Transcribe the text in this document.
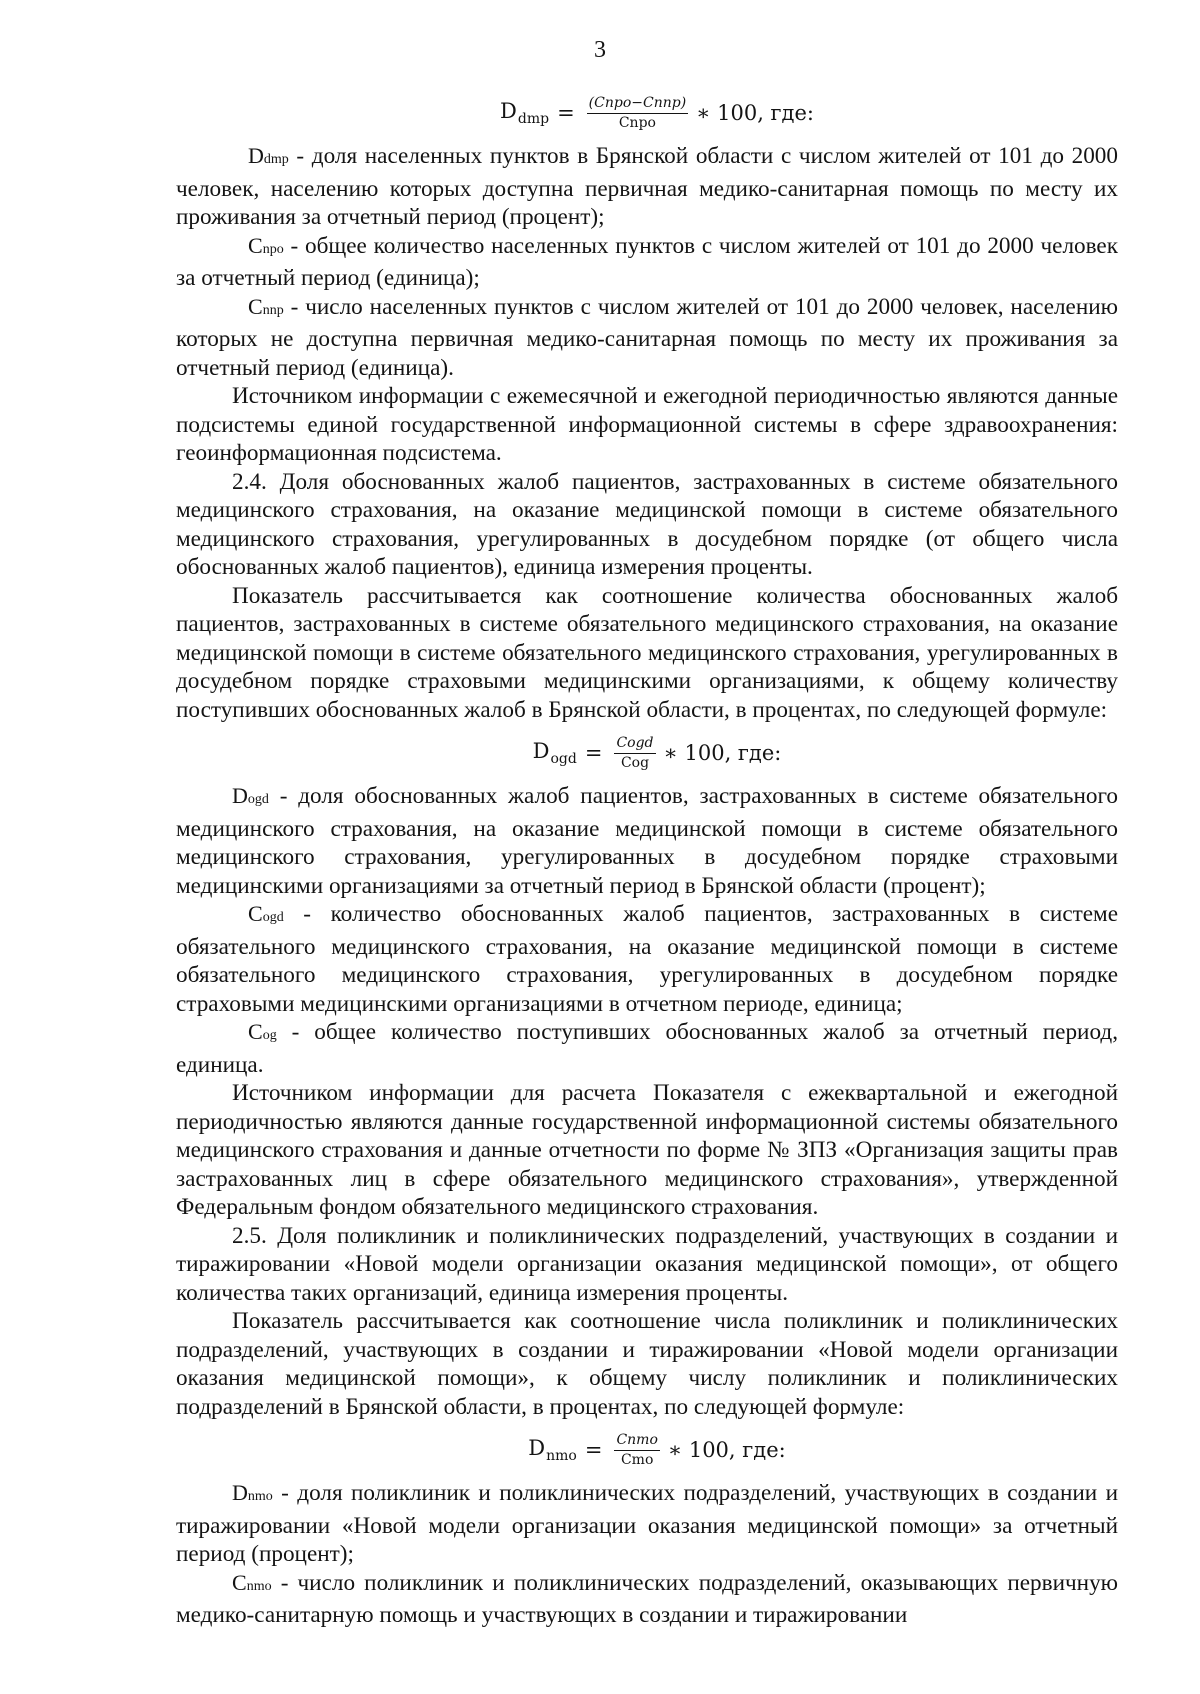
3
D dmp = $\frac{\text{(Cnpo−Cnnp)}}{\text{Cnpo}}$ ∗ 100, где:

Ddmp - доля населенных пунктов в Брянской области с числом жителей от 101 до 2000 человек, населению которых доступна первичная медико-санитарная помощь по месту их проживания за отчетный период (процент);

Cnpo - общее количество населенных пунктов с числом жителей от 101 до 2000 человек за отчетный период (единица);

Cnnp - число населенных пунктов с числом жителей от 101 до 2000 человек, населению которых не доступна первичная медико-санитарная помощь по месту их проживания за отчетный период (единица).

Источником информации с ежемесячной и ежегодной периодичностью являются данные подсистемы единой государственной информационной системы в сфере здравоохранения: геоинформационная подсистема.

2.4. Доля обоснованных жалоб пациентов, застрахованных в системе обязательного медицинского страхования, на оказание медицинской помощи в системе обязательного медицинского страхования, урегулированных в досудебном порядке (от общего числа обоснованных жалоб пациентов), единица измерения проценты.

Показатель рассчитывается как соотношение количества обоснованных жалоб пациентов, застрахованных в системе обязательного медицинского страхования, на оказание медицинской помощи в системе обязательного медицинского страхования, урегулированных в досудебном порядке страховыми медицинскими организациями, к общему количеству поступивших обоснованных жалоб в Брянской области, в процентах, по следующей формуле:

D ogd = $\frac{\text{Cogd}}{\text{Cog}}$ ∗ 100, где:

Dogd - доля обоснованных жалоб пациентов, застрахованных в системе обязательного медицинского страхования, на оказание медицинской помощи в системе обязательного медицинского страхования, урегулированных в досудебном порядке страховыми медицинскими организациями за отчетный период в Брянской области (процент);

Cogd - количество обоснованных жалоб пациентов, застрахованных в системе обязательного медицинского страхования, на оказание медицинской помощи в системе обязательного медицинского страхования, урегулированных в досудебном порядке страховыми медицинскими организациями в отчетном периоде, единица;

Cog - общее количество поступивших обоснованных жалоб за отчетный период, единица.

Источником информации для расчета Показателя с ежеквартальной и ежегодной периодичностью являются данные государственной информационной системы обязательного медицинского страхования и данные отчетности по форме № ЗПЗ «Организация защиты прав застрахованных лиц в сфере обязательного медицинского страхования», утвержденной Федеральным фондом обязательного медицинского страхования.

2.5. Доля поликлиник и поликлинических подразделений, участвующих в создании и тиражировании «Новой модели организации оказания медицинской помощи», от общего количества таких организаций, единица измерения проценты.

Показатель рассчитывается как соотношение числа поликлиник и поликлинических подразделений, участвующих в создании и тиражировании «Новой модели организации оказания медицинской помощи», к общему числу поликлиник и поликлинических подразделений в Брянской области, в процентах, по следующей формуле:

D nmo = $\frac{\text{Cnmo}}{\text{Cmo}}$ ∗ 100, где:

Dnmo - доля поликлиник и поликлинических подразделений, участвующих в создании и тиражировании «Новой модели организации оказания медицинской помощи» за отчетный период (процент);

Cnmo - число поликлиник и поликлинических подразделений, оказывающих первичную медико-санитарную помощь и участвующих в создании и тиражировании
